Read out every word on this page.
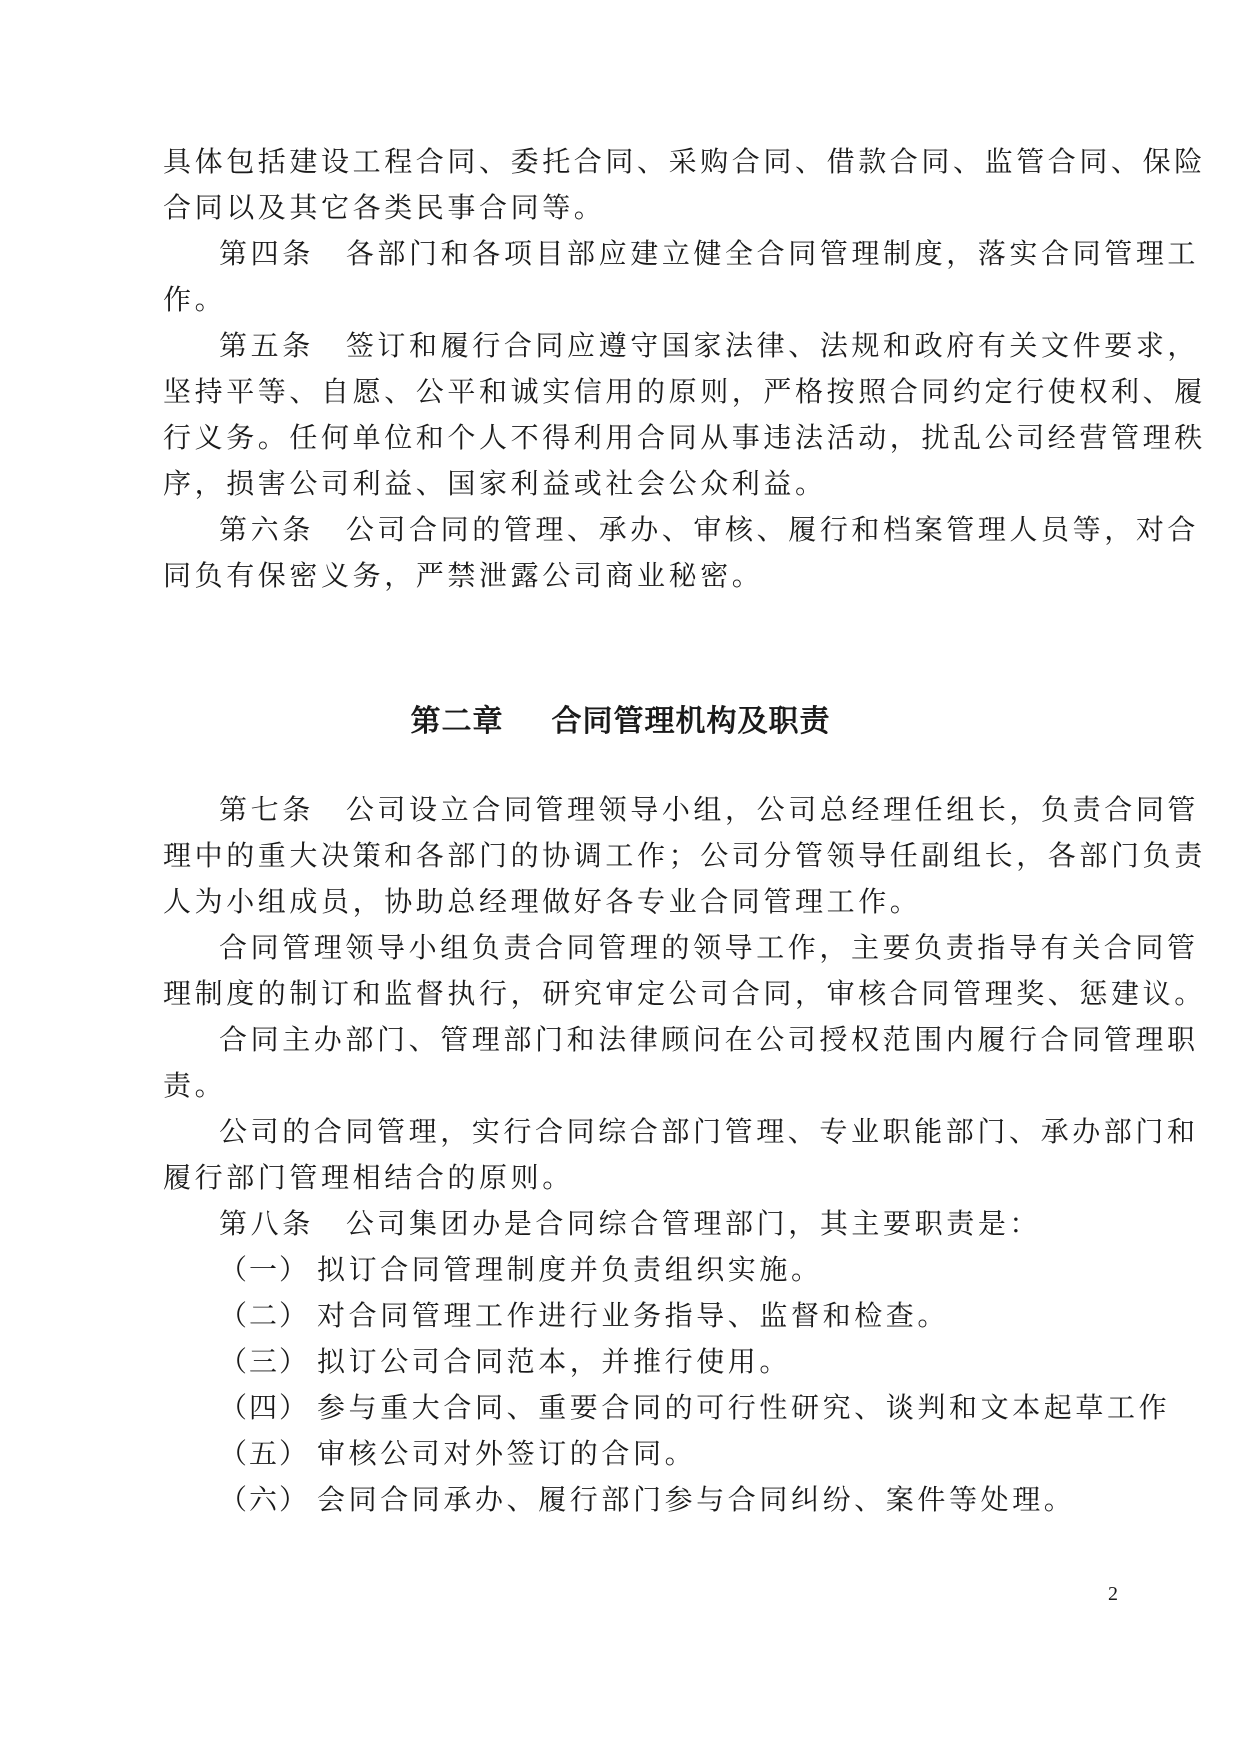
具体包括建设工程合同、委托合同、采购合同、借款合同、监管合同、保险
合同以及其它各类民事合同等。
第四条 各部门和各项目部应建立健全合同管理制度，落实合同管理工
作。
第五条 签订和履行合同应遵守国家法律、法规和政府有关文件要求，
坚持平等、自愿、公平和诚实信用的原则，严格按照合同约定行使权利、履
行义务。任何单位和个人不得利用合同从事违法活动，扰乱公司经营管理秩
序，损害公司利益、国家利益或社会公众利益。
第六条 公司合同的管理、承办、审核、履行和档案管理人员等，对合
同负有保密义务，严禁泄露公司商业秘密。
第二章 合同管理机构及职责
第七条 公司设立合同管理领导小组，公司总经理任组长，负责合同管
理中的重大决策和各部门的协调工作；公司分管领导任副组长，各部门负责
人为小组成员，协助总经理做好各专业合同管理工作。
合同管理领导小组负责合同管理的领导工作，主要负责指导有关合同管
理制度的制订和监督执行，研究审定公司合同，审核合同管理奖、惩建议。
合同主办部门、管理部门和法律顾问在公司授权范围内履行合同管理职
责。
公司的合同管理，实行合同综合部门管理、专业职能部门、承办部门和
履行部门管理相结合的原则。
第八条 公司集团办是合同综合管理部门，其主要职责是：
（一） 拟订合同管理制度并负责组织实施。
（二） 对合同管理工作进行业务指导、监督和检查。
（三） 拟订公司合同范本，并推行使用。
（四） 参与重大合同、重要合同的可行性研究、谈判和文本起草工作
（五） 审核公司对外签订的合同。
（六） 会同合同承办、履行部门参与合同纠纷、案件等处理。
2
